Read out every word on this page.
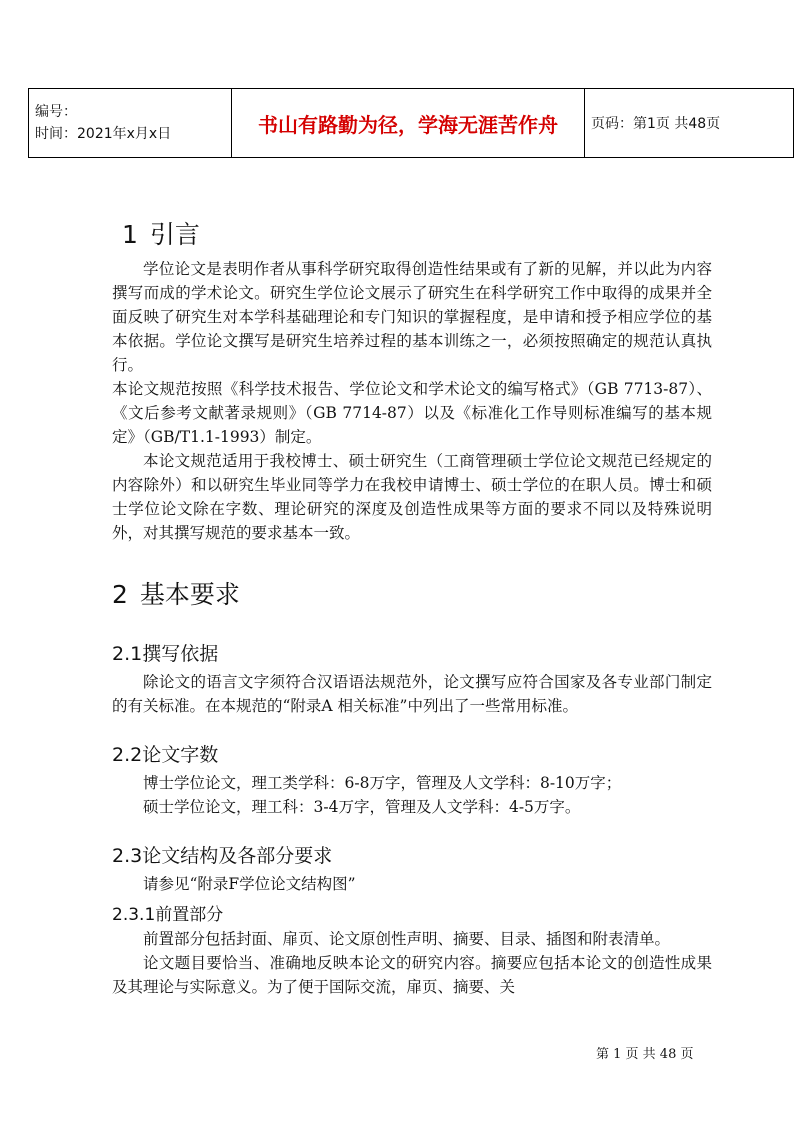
编号：
时间：2021年x月x日	书山有路勤为径，学海无涯苦作舟	页码：第1页 共48页
1 引言

学位论文是表明作者从事科学研究取得创造性结果或有了新的见解，并以此为内容撰写而成的学术论文。研究生学位论文展示了研究生在科学研究工作中取得的成果并全面反映了研究生对本学科基础理论和专门知识的掌握程度，是申请和授予相应学位的基本依据。学位论文撰写是研究生培养过程的基本训练之一，必须按照确定的规范认真执行。

本论文规范按照《科学技术报告、学位论文和学术论文的编写格式》（GB 7713-87）、《文后参考文献著录规则》（GB 7714-87）以及《标准化工作导则标准编写的基本规定》（GB/T1.1-1993）制定。

本论文规范适用于我校博士、硕士研究生（工商管理硕士学位论文规范已经规定的内容除外）和以研究生毕业同等学力在我校申请博士、硕士学位的在职人员。博士和硕士学位论文除在字数、理论研究的深度及创造性成果等方面的要求不同以及特殊说明外，对其撰写规范的要求基本一致。

2 基本要求
2.1撰写依据

除论文的语言文字须符合汉语语法规范外，论文撰写应符合国家及各专业部门制定的有关标准。在本规范的“附录A 相关标准”中列出了一些常用标准。

2.2论文字数

博士学位论文，理工类学科：6-8万字，管理及人文学科：8-10万字；

硕士学位论文，理工科：3-4万字，管理及人文学科：4-5万字。

2.3论文结构及各部分要求

请参见“附录F学位论文结构图”

2.3.1前置部分

前置部分包括封面、扉页、论文原创性声明、摘要、目录、插图和附表清单。

论文题目要恰当、准确地反映本论文的研究内容。摘要应包括本论文的创造性成果及其理论与实际意义。为了便于国际交流，扉页、摘要、关

第 1 页 共 48 页
